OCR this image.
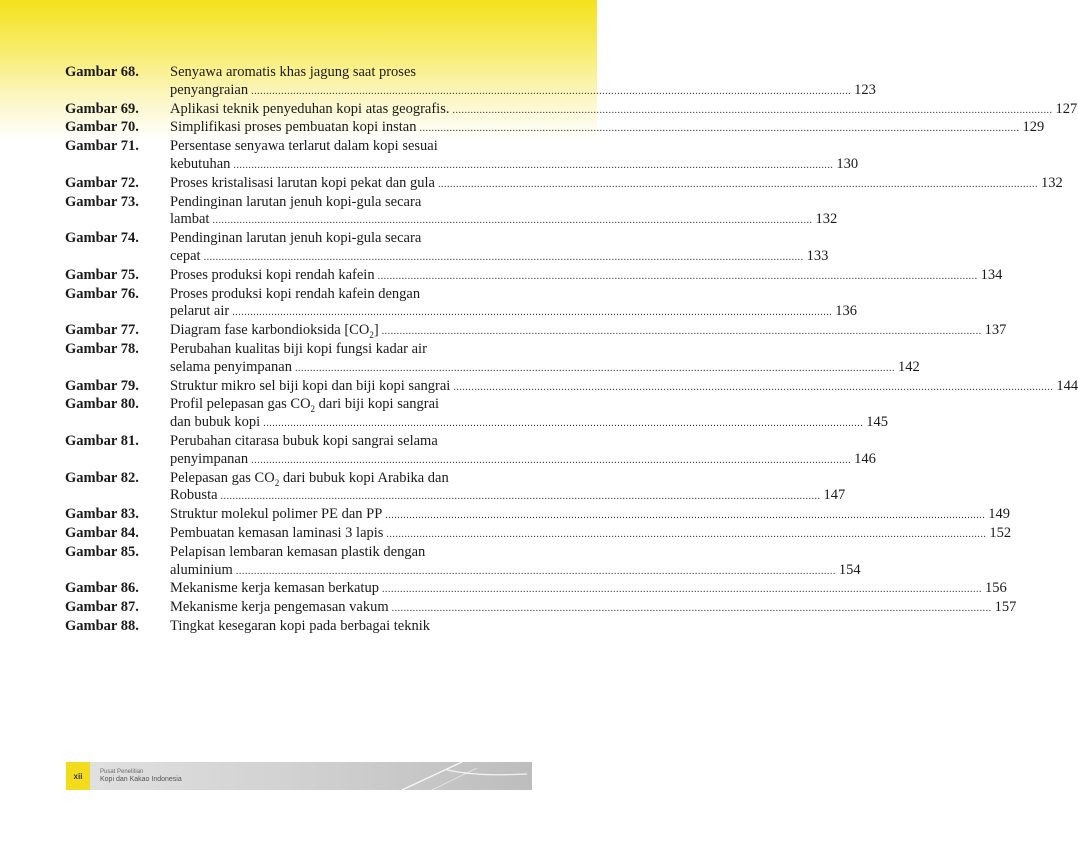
Gambar 68.	Senyawa aromatis khas jagung saat proses
penyangraian ........................................................................................................................................................................................................ 123
Gambar 69.	Aplikasi teknik penyeduhan kopi atas geografis. ........................................................................................................................................................................................................ 127
Gambar 70.	Simplifikasi proses pembuatan kopi instan ........................................................................................................................................................................................................ 129
Gambar 71.	Persentase senyawa terlarut dalam kopi sesuai
kebutuhan ........................................................................................................................................................................................................ 130
Gambar 72.	Proses kristalisasi larutan kopi pekat dan gula ........................................................................................................................................................................................................ 132
Gambar 73.	Pendinginan larutan jenuh kopi-gula secara
lambat ........................................................................................................................................................................................................ 132
Gambar 74.	Pendinginan larutan jenuh kopi-gula secara
cepat ........................................................................................................................................................................................................ 133
Gambar 75.	Proses produksi kopi rendah kafein ........................................................................................................................................................................................................ 134
Gambar 76.	Proses produksi kopi rendah kafein dengan
pelarut air ........................................................................................................................................................................................................ 136
Gambar 77.	Diagram fase karbondioksida $[CO_2]$ ........................................................................................................................................................................................................ 137
Gambar 78.	Perubahan kualitas biji kopi fungsi kadar air
selama penyimpanan ........................................................................................................................................................................................................ 142
Gambar 79.	Struktur mikro sel biji kopi dan biji kopi sangrai ........................................................................................................................................................................................................ 144
Gambar 80.	Profil pelepasan gas $CO_2$ dari biji kopi sangrai
dan bubuk kopi ........................................................................................................................................................................................................ 145
Gambar 81.	Perubahan citarasa bubuk kopi sangrai selama
penyimpanan ........................................................................................................................................................................................................ 146
Gambar 82.	Pelepasan gas $CO_2$ dari bubuk kopi Arabika dan
Robusta ........................................................................................................................................................................................................ 147
Gambar 83.	Struktur molekul polimer PE dan PP ........................................................................................................................................................................................................ 149
Gambar 84.	Pembuatan kemasan laminasi 3 lapis ........................................................................................................................................................................................................ 152
Gambar 85.	Pelapisan lembaran kemasan plastik dengan
aluminium ........................................................................................................................................................................................................ 154
Gambar 86.	Mekanisme kerja kemasan berkatup ........................................................................................................................................................................................................ 156
Gambar 87.	Mekanisme kerja pengemasan vakum ........................................................................................................................................................................................................ 157
Gambar 88.	Tingkat kesegaran kopi pada berbagai teknik
xii	Pusat Penelitian
Kopi dan Kakao Indonesia
